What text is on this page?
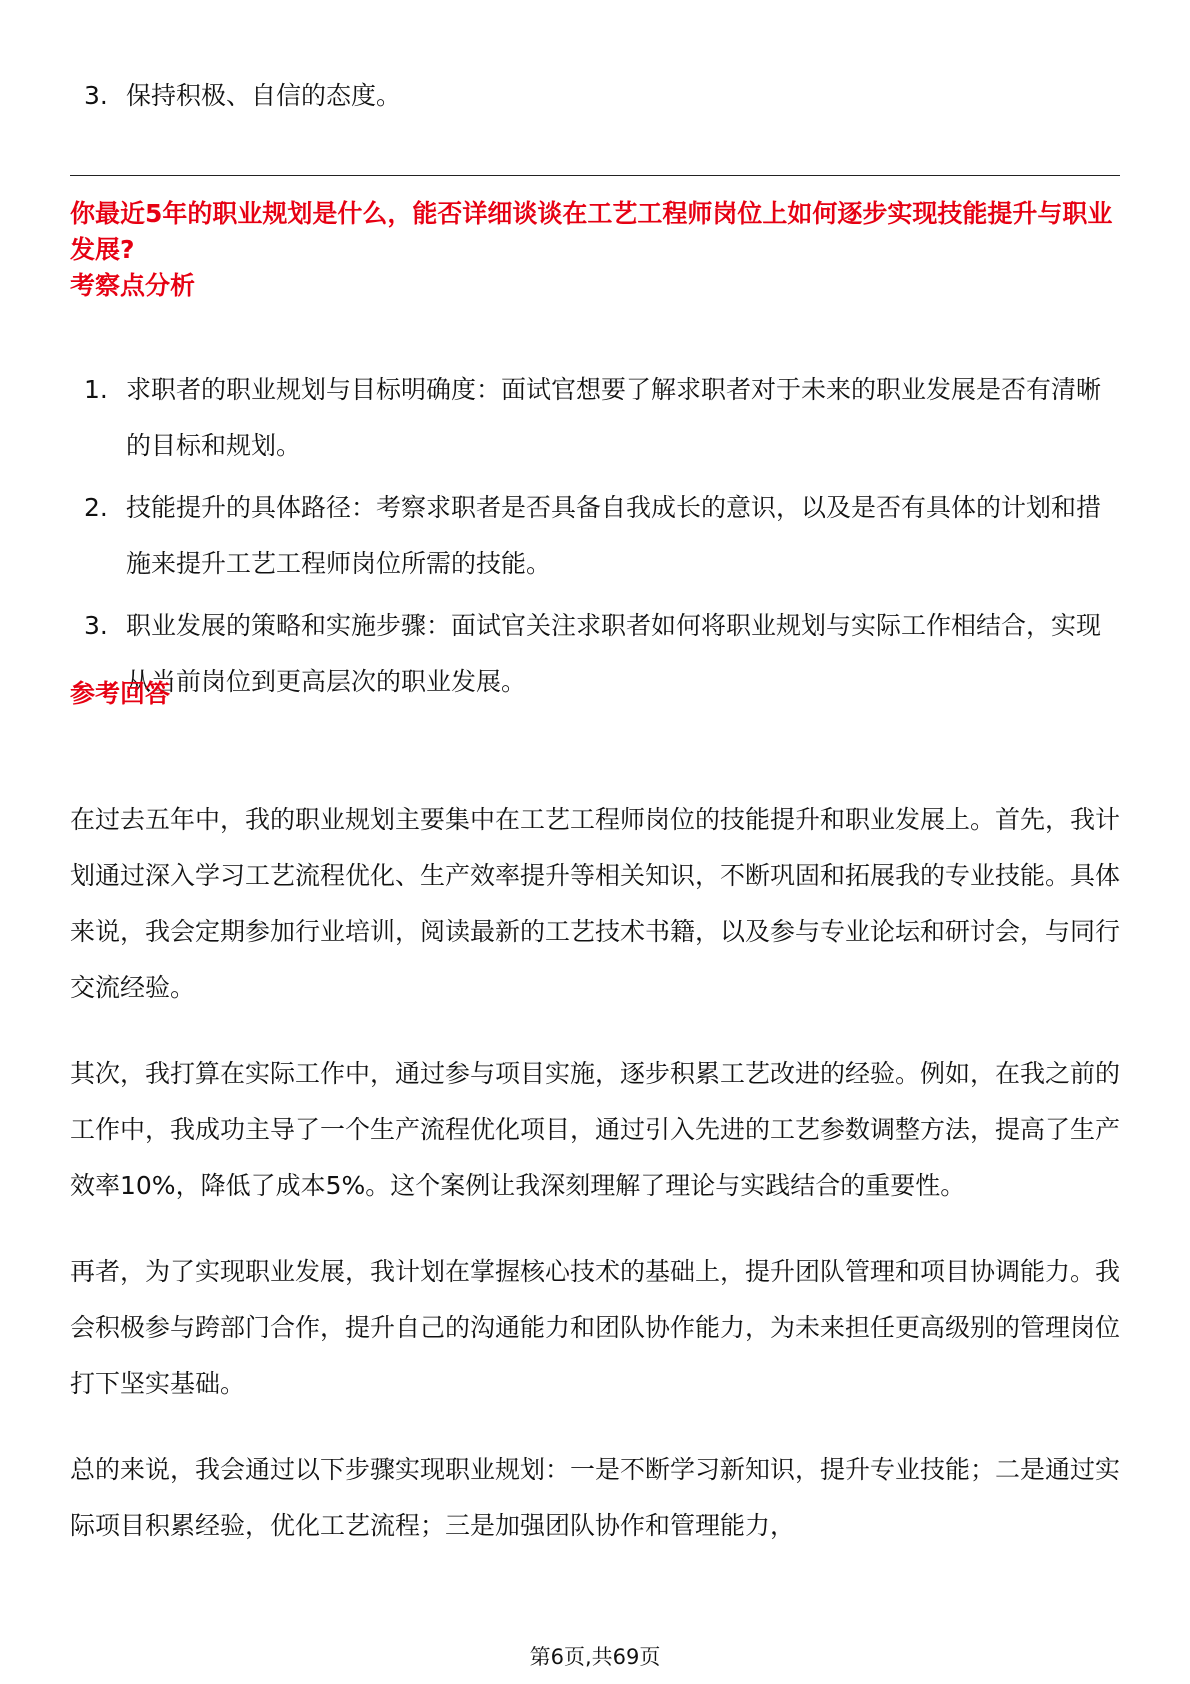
3. 保持积极、自信的态度。
你最近5年的职业规划是什么，能否详细谈谈在工艺工程师岗位上如何逐步实现技能提升与职业发展?
考察点分析
1. 求职者的职业规划与目标明确度：面试官想要了解求职者对于未来的职业发展是否有清晰的目标和规划。
2. 技能提升的具体路径：考察求职者是否具备自我成长的意识，以及是否有具体的计划和措施来提升工艺工程师岗位所需的技能。
3. 职业发展的策略和实施步骤：面试官关注求职者如何将职业规划与实际工作相结合，实现从当前岗位到更高层次的职业发展。
参考回答

在过去五年中，我的职业规划主要集中在工艺工程师岗位的技能提升和职业发展上。首先，我计划通过深入学习工艺流程优化、生产效率提升等相关知识，不断巩固和拓展我的专业技能。具体来说，我会定期参加行业培训，阅读最新的工艺技术书籍，以及参与专业论坛和研讨会，与同行交流经验。

其次，我打算在实际工作中，通过参与项目实施，逐步积累工艺改进的经验。例如，在我之前的工作中，我成功主导了一个生产流程优化项目，通过引入先进的工艺参数调整方法，提高了生产效率10%，降低了成本5%。这个案例让我深刻理解了理论与实践结合的重要性。

再者，为了实现职业发展，我计划在掌握核心技术的基础上，提升团队管理和项目协调能力。我会积极参与跨部门合作，提升自己的沟通能力和团队协作能力，为未来担任更高级别的管理岗位打下坚实基础。

总的来说，我会通过以下步骤实现职业规划：一是不断学习新知识，提升专业技能；二是通过实际项目积累经验，优化工艺流程；三是加强团队协作和管理能力，

第6页,共69页
